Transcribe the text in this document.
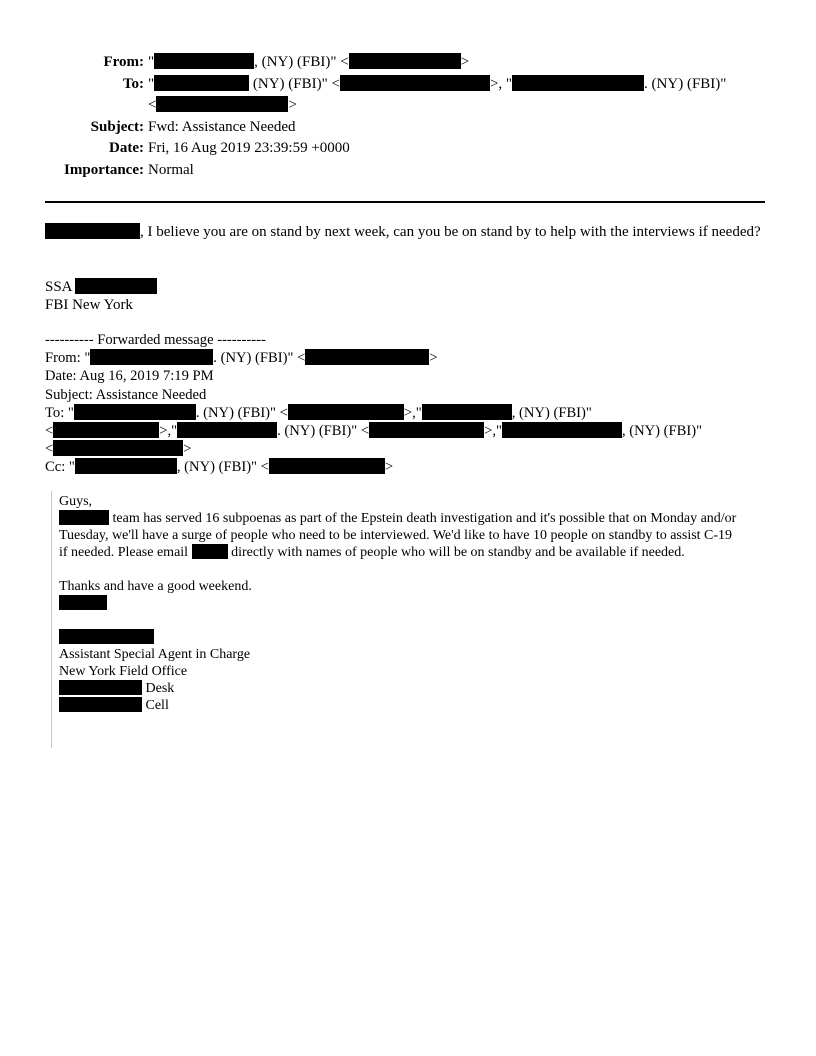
From: "	, (NY) (FBI)" <	>
To: "	(NY) (FBI)" <	>, "	. (NY) (FBI)"
<	>
Subject: Fwd: Assistance Needed
Date: Fri, 16 Aug 2019 23:39:59 +0000
Importance: Normal
, I believe you are on stand by next week, can you be on stand by to help with the interviews if needed?
SSA
FBI New York
---------- Forwarded message ----------
From: "	. (NY) (FBI)" <	>
Date: Aug 16, 2019 7:19 PM
Subject: Assistance Needed
To: "	. (NY) (FBI)" <	>,"	, (NY) (FBI)"
<	>,"	. (NY) (FBI)" <	>,"	, (NY) (FBI)"
<	>
Cc: "	, (NY) (FBI)" <	>
Guys,
team has served 16 subpoenas as part of the Epstein death investigation and it's possible that on Monday and/or
Tuesday, we'll have a surge of people who need to be interviewed. We'd like to have 10 people on standby to assist C-19
if needed. Please email	directly with names of people who will be on standby and be available if needed.
Thanks and have a good weekend.
Assistant Special Agent in Charge
New York Field Office
Desk
Cell
